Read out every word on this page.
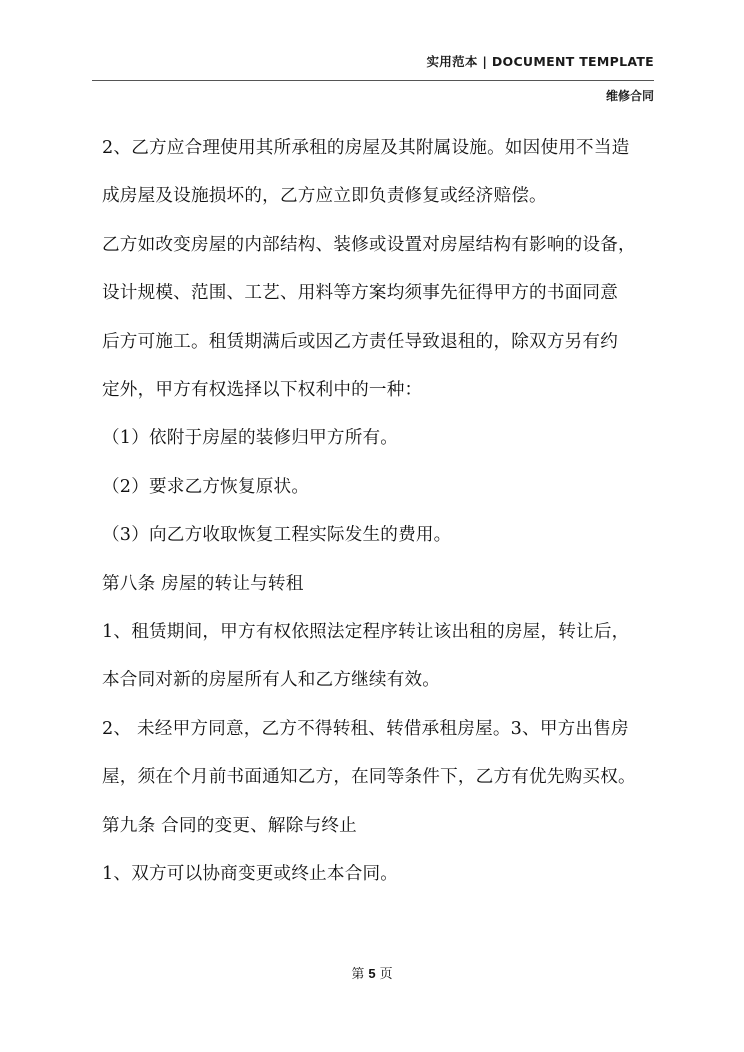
实用范本 | DOCUMENT TEMPLATE
维修合同
2、乙方应合理使用其所承租的房屋及其附属设施。如因使用不当造
成房屋及设施损坏的，乙方应立即负责修复或经济赔偿。
乙方如改变房屋的内部结构、装修或设置对房屋结构有影响的设备，
设计规模、范围、工艺、用料等方案均须事先征得甲方的书面同意
后方可施工。租赁期满后或因乙方责任导致退租的，除双方另有约
定外，甲方有权选择以下权利中的一种：
（1）依附于房屋的装修归甲方所有。
（2）要求乙方恢复原状。
（3）向乙方收取恢复工程实际发生的费用。
第八条 房屋的转让与转租
1、租赁期间，甲方有权依照法定程序转让该出租的房屋，转让后，
本合同对新的房屋所有人和乙方继续有效。
2、 未经甲方同意，乙方不得转租、转借承租房屋。3、甲方出售房
屋，须在个月前书面通知乙方，在同等条件下，乙方有优先购买权。
第九条 合同的变更、解除与终止
1、双方可以协商变更或终止本合同。
第 5 页
